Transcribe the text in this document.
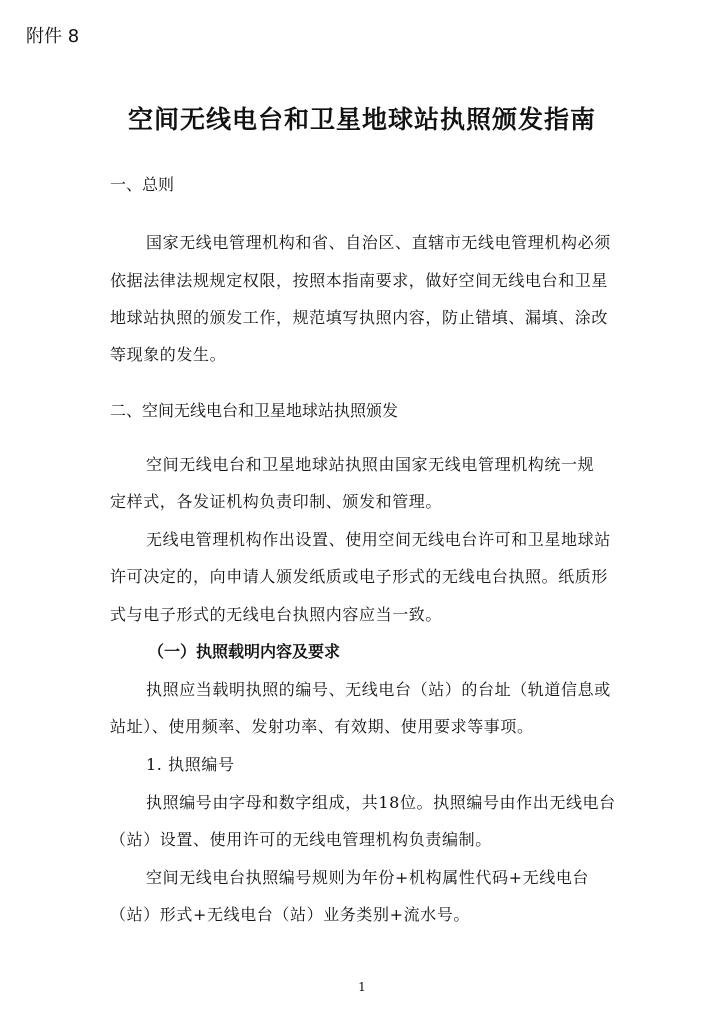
附件 8
空间无线电台和卫星地球站执照颁发指南
一、总则
国家无线电管理机构和省、自治区、直辖市无线电管理机构必须
依据法律法规规定权限，按照本指南要求，做好空间无线电台和卫星
地球站执照的颁发工作，规范填写执照内容，防止错填、漏填、涂改
等现象的发生。
二、空间无线电台和卫星地球站执照颁发
空间无线电台和卫星地球站执照由国家无线电管理机构统一规
定样式，各发证机构负责印制、颁发和管理。
无线电管理机构作出设置、使用空间无线电台许可和卫星地球站
许可决定的，向申请人颁发纸质或电子形式的无线电台执照。纸质形
式与电子形式的无线电台执照内容应当一致。
（一）执照载明内容及要求
执照应当载明执照的编号、无线电台（站）的台址（轨道信息或
站址）、使用频率、发射功率、有效期、使用要求等事项。
1. 执照编号
执照编号由字母和数字组成，共18位。执照编号由作出无线电台
（站）设置、使用许可的无线电管理机构负责编制。
空间无线电台执照编号规则为年份+机构属性代码+无线电台
（站）形式+无线电台（站）业务类别+流水号。
1
